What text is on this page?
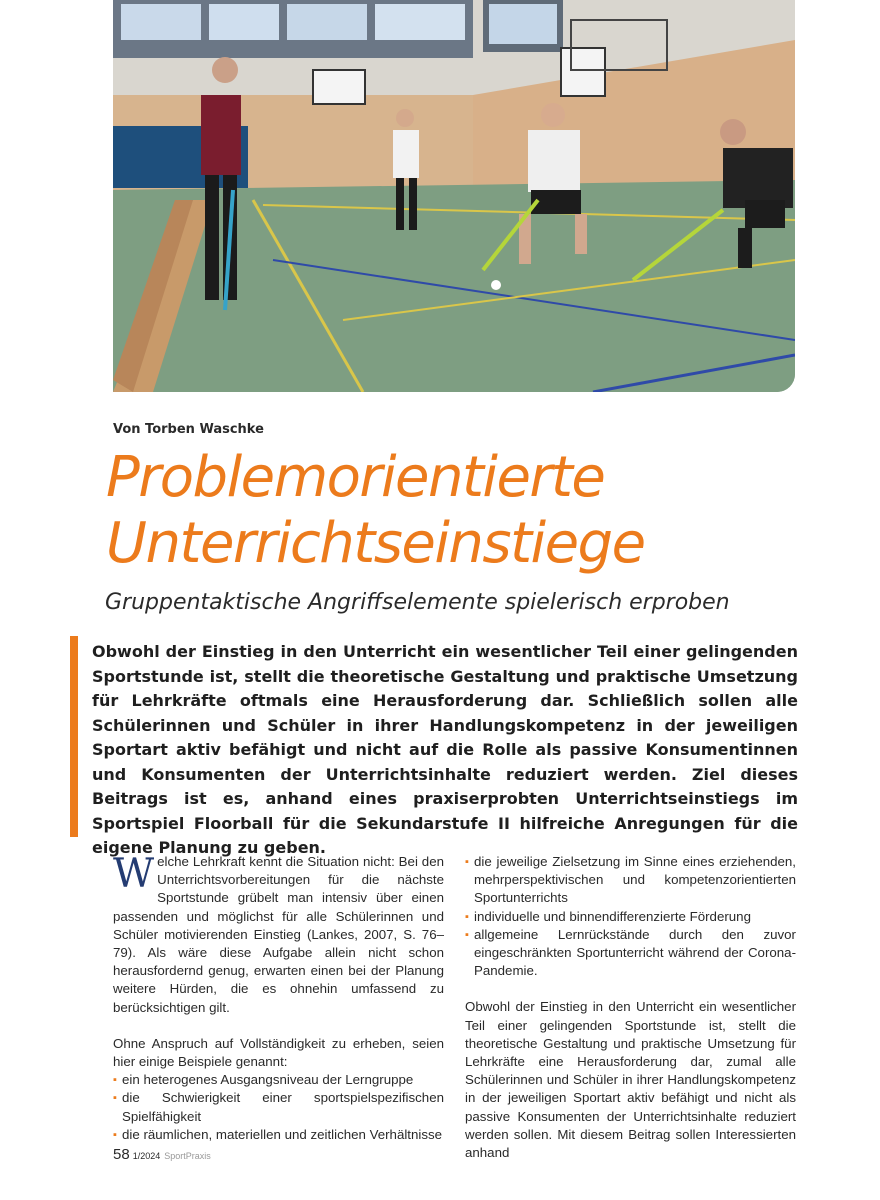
Von Torben Waschke
Problemorientierte
Unterrichtseinstiege
Gruppentaktische Angriffselemente spielerisch erproben

Obwohl der Einstieg in den Unterricht ein wesentlicher Teil einer gelingenden Sportstunde ist, stellt die theoretische Gestaltung und praktische Umsetzung für Lehrkräfte oftmals eine Herausforderung dar. Schließlich sollen alle Schülerinnen und Schüler in ihrer Handlungskompetenz in der jeweiligen Sportart aktiv befähigt und nicht auf die Rolle als passive Konsumentinnen und Konsumenten der Unterrichtsinhalte reduziert werden. Ziel dieses Beitrags ist es, anhand eines praxiserprobten Unterrichtseinstiegs im Sportspiel Floorball für die Sekundarstufe II hilfreiche Anregungen für die eigene Planung zu geben.

Welche Lehrkraft kennt die Situation nicht: Bei den Unterrichtsvorbereitungen für die nächste Sportstunde grübelt man intensiv über einen passenden und möglichst für alle Schülerinnen und Schüler motivierenden Einstieg (Lankes, 2007, S. 76–79). Als wäre diese Aufgabe allein nicht schon herausfordernd genug, erwarten einen bei der Planung weitere Hürden, die es ohnehin umfassend zu berücksichtigen gilt.

Ohne Anspruch auf Vollständigkeit zu erheben, seien hier einige Beispiele genannt:

▪ ein heterogenes Ausgangsniveau der Lerngruppe
▪ die Schwierigkeit einer sportspielspezifischen Spielfähigkeit
▪ die räumlichen, materiellen und zeitlichen Verhältnisse
▪ die jeweilige Zielsetzung im Sinne eines erziehenden, mehrperspektivischen und kompetenzorientierten Sportunterrichts
▪ individuelle und binnendifferenzierte Förderung
▪ allgemeine Lernrückstände durch den zuvor eingeschränkten Sportunterricht während der Corona-Pandemie.

Obwohl der Einstieg in den Unterricht ein wesentlicher Teil einer gelingenden Sportstunde ist, stellt die theoretische Gestaltung und praktische Umsetzung für Lehrkräfte eine Herausforderung dar, zumal alle Schülerinnen und Schüler in ihrer Handlungskompetenz in der jeweiligen Sportart aktiv befähigt und nicht als passive Konsumenten der Unterrichtsinhalte reduziert werden sollen. Mit diesem Beitrag sollen Interessierten anhand

58 1/2024 SportPraxis
